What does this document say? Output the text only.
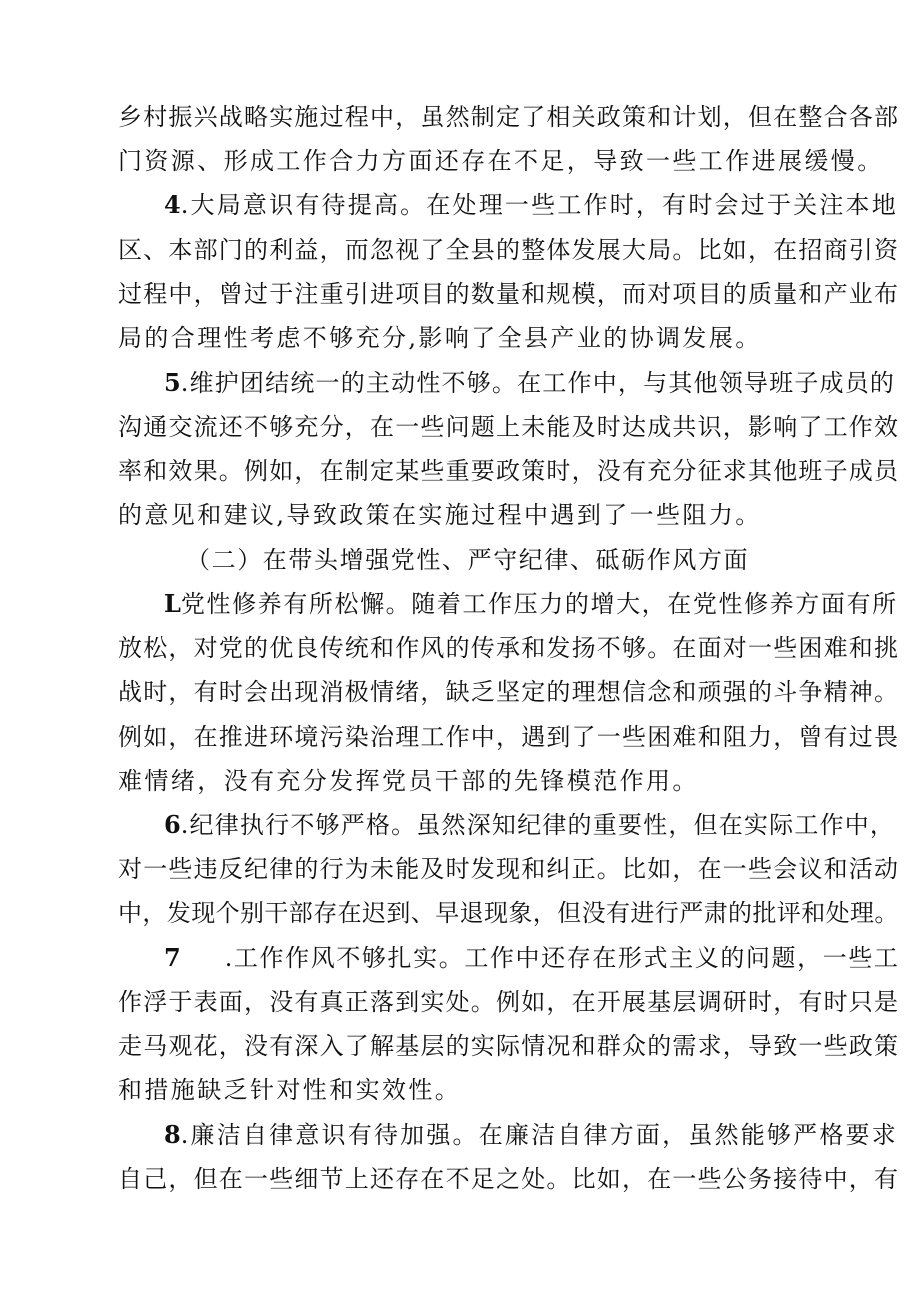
乡村振兴战略实施过程中，虽然制定了相关政策和计划，但在整合各部
门资源、形成工作合力方面还存在不足，导致一些工作进展缓慢。
4.大局意识有待提高。在处理一些工作时，有时会过于关注本地
区、本部门的利益，而忽视了全县的整体发展大局。比如，在招商引资
过程中，曾过于注重引进项目的数量和规模，而对项目的质量和产业布
局的合理性考虑不够充分,影响了全县产业的协调发展。
5.维护团结统一的主动性不够。在工作中，与其他领导班子成员的
沟通交流还不够充分，在一些问题上未能及时达成共识，影响了工作效
率和效果。例如，在制定某些重要政策时，没有充分征求其他班子成员
的意见和建议,导致政策在实施过程中遇到了一些阻力。
（二）在带头增强党性、严守纪律、砥砺作风方面
L党性修养有所松懈。随着工作压力的增大，在党性修养方面有所
放松，对党的优良传统和作风的传承和发扬不够。在面对一些困难和挑
战时，有时会出现消极情绪，缺乏坚定的理想信念和顽强的斗争精神。
例如，在推进环境污染治理工作中，遇到了一些困难和阻力，曾有过畏
难情绪，没有充分发挥党员干部的先锋模范作用。
6.纪律执行不够严格。虽然深知纪律的重要性，但在实际工作中，
对一些违反纪律的行为未能及时发现和纠正。比如，在一些会议和活动
中，发现个别干部存在迟到、早退现象，但没有进行严肃的批评和处理。
7 .工作作风不够扎实。工作中还存在形式主义的问题，一些工
作浮于表面，没有真正落到实处。例如，在开展基层调研时，有时只是
走马观花，没有深入了解基层的实际情况和群众的需求，导致一些政策
和措施缺乏针对性和实效性。
8.廉洁自律意识有待加强。在廉洁自律方面，虽然能够严格要求
自己，但在一些细节上还存在不足之处。比如，在一些公务接待中，有
